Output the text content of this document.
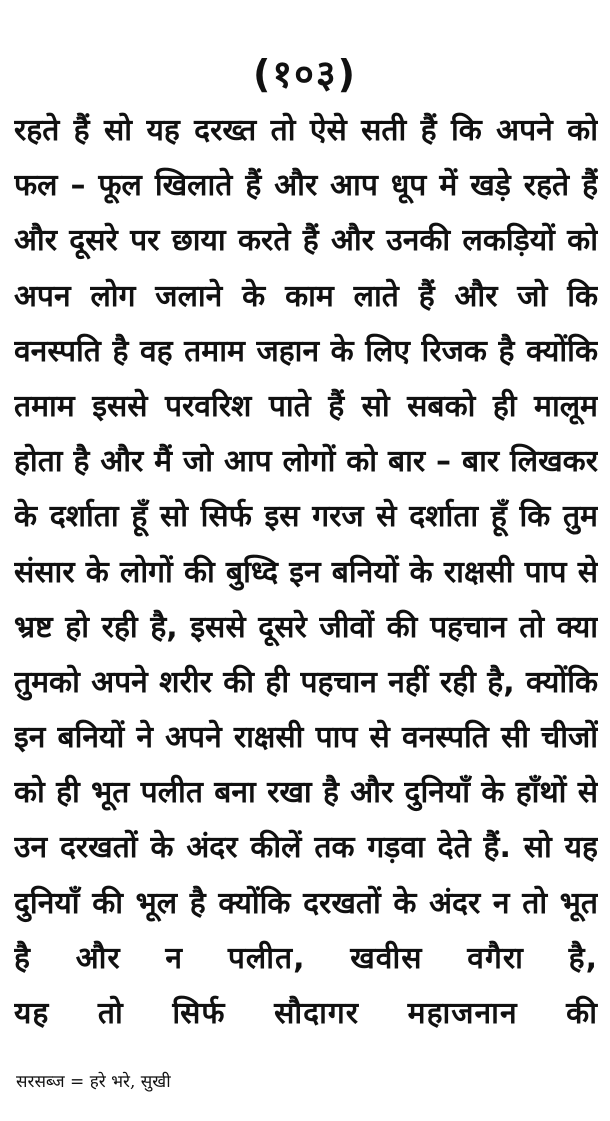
(१०३)
रहते हैं सो यह दरख्त तो ऐसे सती हैं कि अपने को
फल – फूल खिलाते हैं और आप धूप में खड़े रहते हैं
और दूसरे पर छाया करते हैं और उनकी लकड़ियों को
अपन लोग जलाने के काम लाते हैं और जो कि
वनस्पति है वह तमाम जहान के लिए रिजक है क्योंकि
तमाम इससे परवरिश पाते हैं सो सबको ही मालूम
होता है और मैं जो आप लोगों को बार – बार लिखकर
के दर्शाता हूँ सो सिर्फ इस गरज से दर्शाता हूँ कि तुम
संसार के लोगों की बुध्दि इन बनियों के राक्षसी पाप से
भ्रष्ट हो रही है, इससे दूसरे जीवों की पहचान तो क्या
तुमको अपने शरीर की ही पहचान नहीं रही है, क्योंकि
इन बनियों ने अपने राक्षसी पाप से वनस्पति सी चीजों
को ही भूत पलीत बना रखा है और दुनियाँ के हाँथों से
उन दरखतों के अंदर कीलें तक गड़वा देते हैं. सो यह
दुनियाँ की भूल है क्योंकि दरखतों के अंदर न तो भूत
है और न पलीत, खवीस वगैरा है,
यह तो सिर्फ सौदागर महाजनान की
सरसब्ज = हरे भरे, सुखी
